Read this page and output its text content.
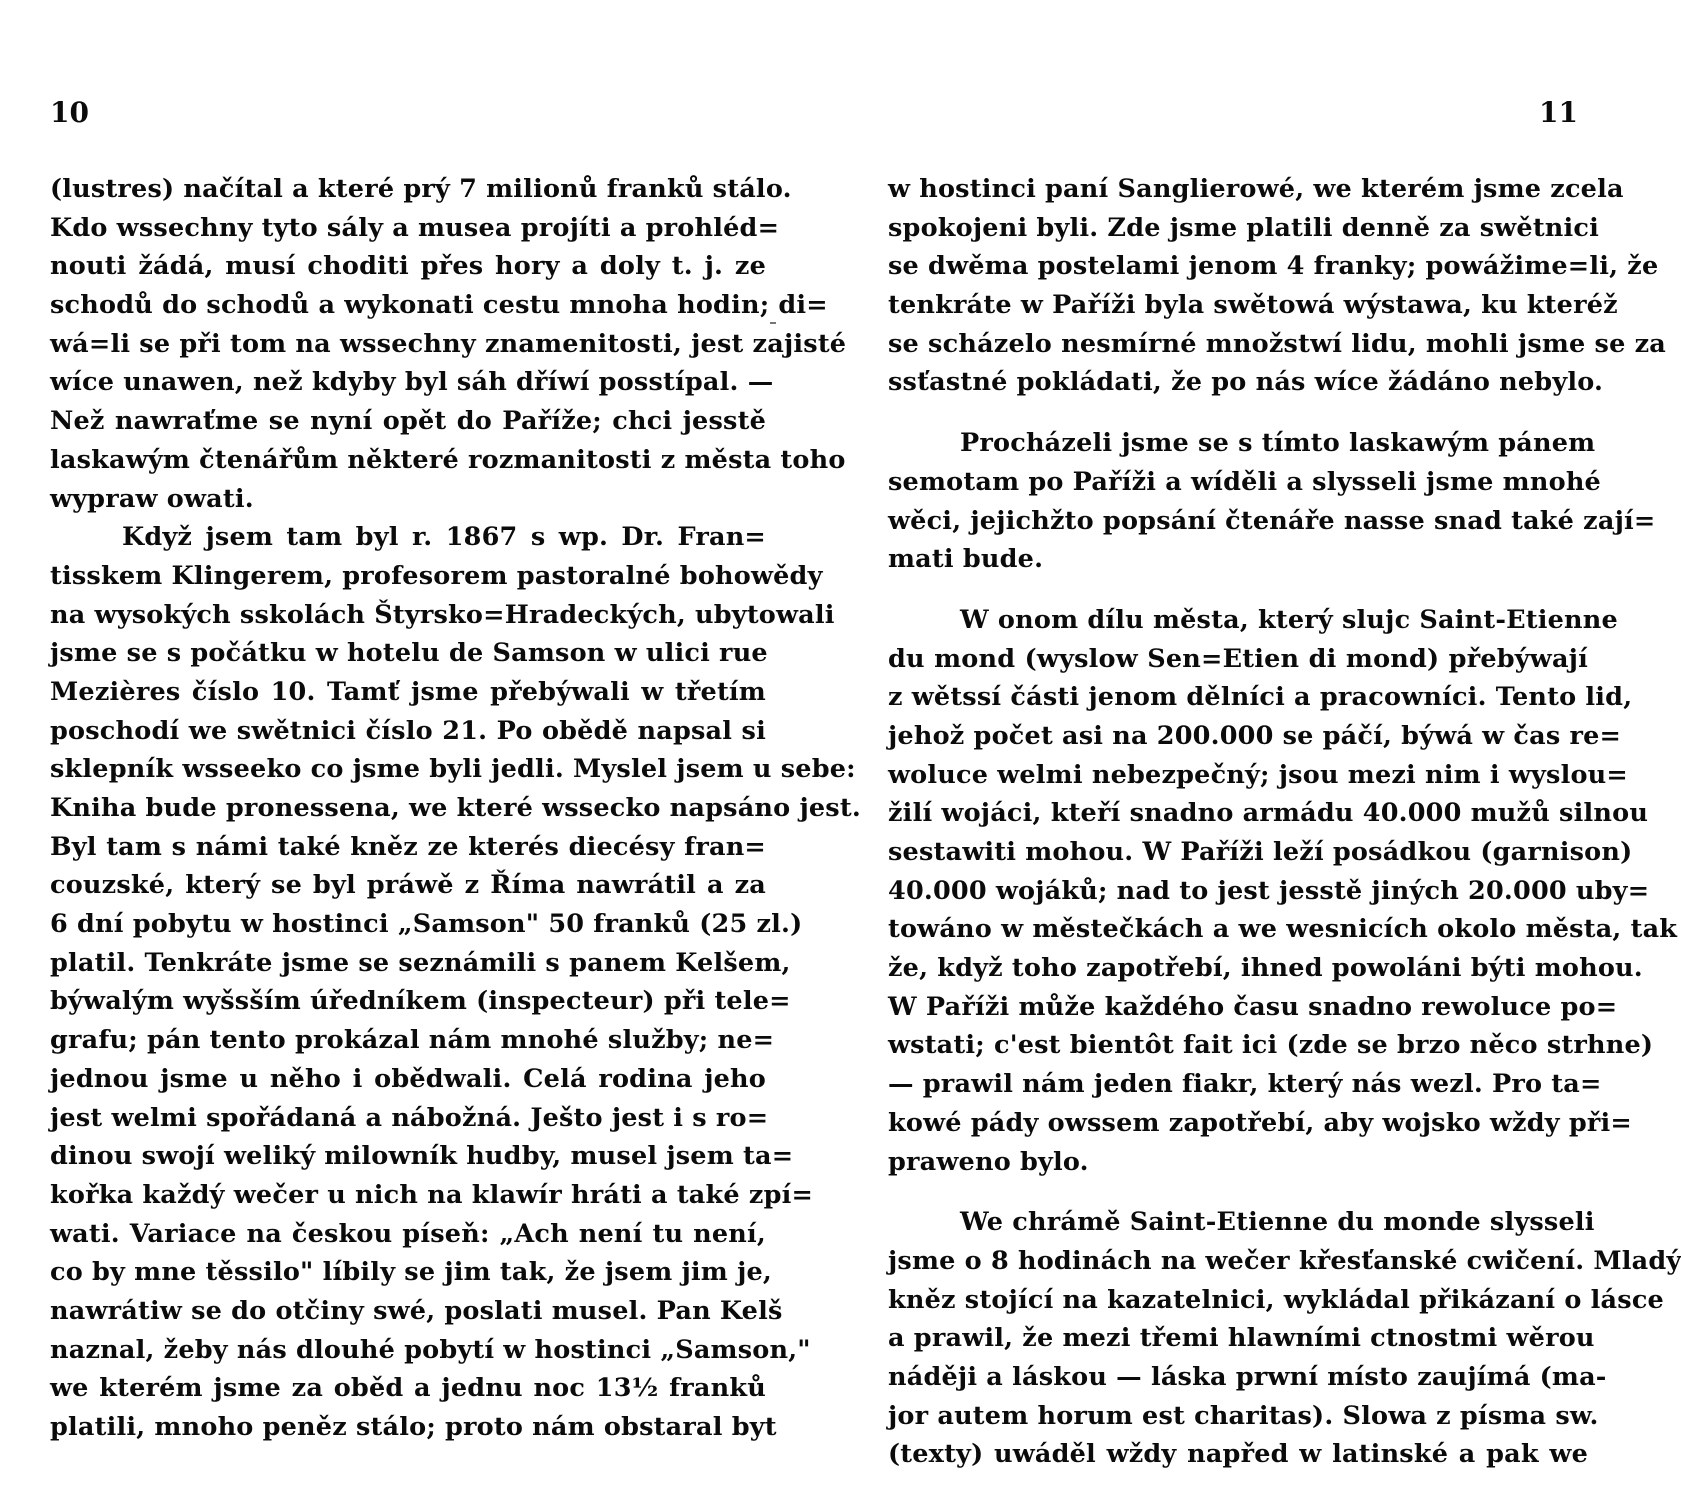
10
(lustres) načítal a které prý 7 milionů franků stálo.
Kdo wssechny tyto sály a musea projíti a prohléd=
nouti žádá, musí choditi přes hory a doly t. j. ze
schodů do schodů a wykonati cestu mnoha hodin; di=
wá=li se při tom na wssechny znamenitosti, jest zajisté
wíce unawen, než kdyby byl sáh dříwí posstípal. —
Než nawraťme se nyní opět do Paříže; chci jesstě
laskawým čtenářům některé rozmanitosti z města toho
wypraw owati.
Když jsem tam byl r. 1867 s wp. Dr. Fran=
tisskem Klingerem, profesorem pastoralné bohowědy
na wysokých sskolách Štyrsko=Hradeckých, ubytowali
jsme se s počátku w hotelu de Samson w ulici rue
Mezières číslo 10. Tamť jsme přebýwali w třetím
poschodí we swětnici číslo 21. Po obědě napsal si
sklepník wsseeko co jsme byli jedli. Myslel jsem u sebe:
Kniha bude pronessena, we které wssecko napsáno jest.
Byl tam s námi také kněz ze kterés diecésy fran=
couzské, který se byl práwě z Říma nawrátil a za
6 dní pobytu w hostinci „Samson" 50 franků (25 zl.)
platil. Tenkráte jsme se seznámili s panem Kelšem,
býwalým wyšsším úředníkem (inspecteur) při tele=
grafu; pán tento prokázal nám mnohé služby; ne=
jednou jsme u něho i obědwali. Celá rodina jeho
jest welmi spořádaná a nábožná. Ješto jest i s ro=
dinou swojí weliký milowník hudby, musel jsem ta=
kořka každý wečer u nich na klawír hráti a také zpí=
wati. Variace na českou píseň: „Ach není tu není,
co by mne těssilo" líbily se jim tak, že jsem jim je,
nawrátiw se do otčiny swé, poslati musel. Pan Kelš
naznal, žeby nás dlouhé pobytí w hostinci „Samson,"
we kterém jsme za oběd a jednu noc 13½ franků
platili, mnoho peněz stálo; proto nám obstaral byt
11
w hostinci paní Sanglierowé, we kterém jsme zcela
spokojeni byli. Zde jsme platili denně za swětnici
se dwěma postelami jenom 4 franky; powážime=li, že
tenkráte w Paříži byla swětowá wýstawa, ku kteréž
se scházelo nesmírné množstwí lidu, mohli jsme se za
ssťastné pokládati, že po nás wíce žádáno nebylo.
Procházeli jsme se s tímto laskawým pánem
semotam po Paříži a wíděli a slysseli jsme mnohé
wěci, jejichžto popsání čtenáře nasse snad také zají=
mati bude.
W onom dílu města, který slujc Saint-Etienne
du mond (wyslow Sen=Etien di mond) přebýwají
z wětssí části jenom dělníci a pracowníci. Tento lid,
jehož počet asi na 200.000 se páčí, býwá w čas re=
woluce welmi nebezpečný; jsou mezi nim i wyslou=
žilí wojáci, kteří snadno armádu 40.000 mužů silnou
sestawiti mohou. W Paříži leží posádkou (garnison)
40.000 wojáků; nad to jest jesstě jiných 20.000 uby=
towáno w městečkách a we wesnicích okolo města, tak
že, když toho zapotřebí, ihned powoláni býti mohou.
W Paříži může každého času snadno rewoluce po=
wstati; c'est bientôt fait ici (zde se brzo něco strhne)
— prawil nám jeden fiakr, který nás wezl. Pro ta=
kowé pády owssem zapotřebí, aby wojsko wždy při=
praweno bylo.
We chrámě Saint-Etienne du monde slysseli
jsme o 8 hodinách na wečer křesťanské cwičení. Mladý
kněz stojící na kazatelnici, wykládal přikázaní o lásce
a prawil, že mezi třemi hlawními ctnostmi wěrou
náději a láskou — láska prwní místo zaujímá (ma-
jor autem horum est charitas). Slowa z písma sw.
(texty) uwáděl wždy napřed w latinské a pak we
